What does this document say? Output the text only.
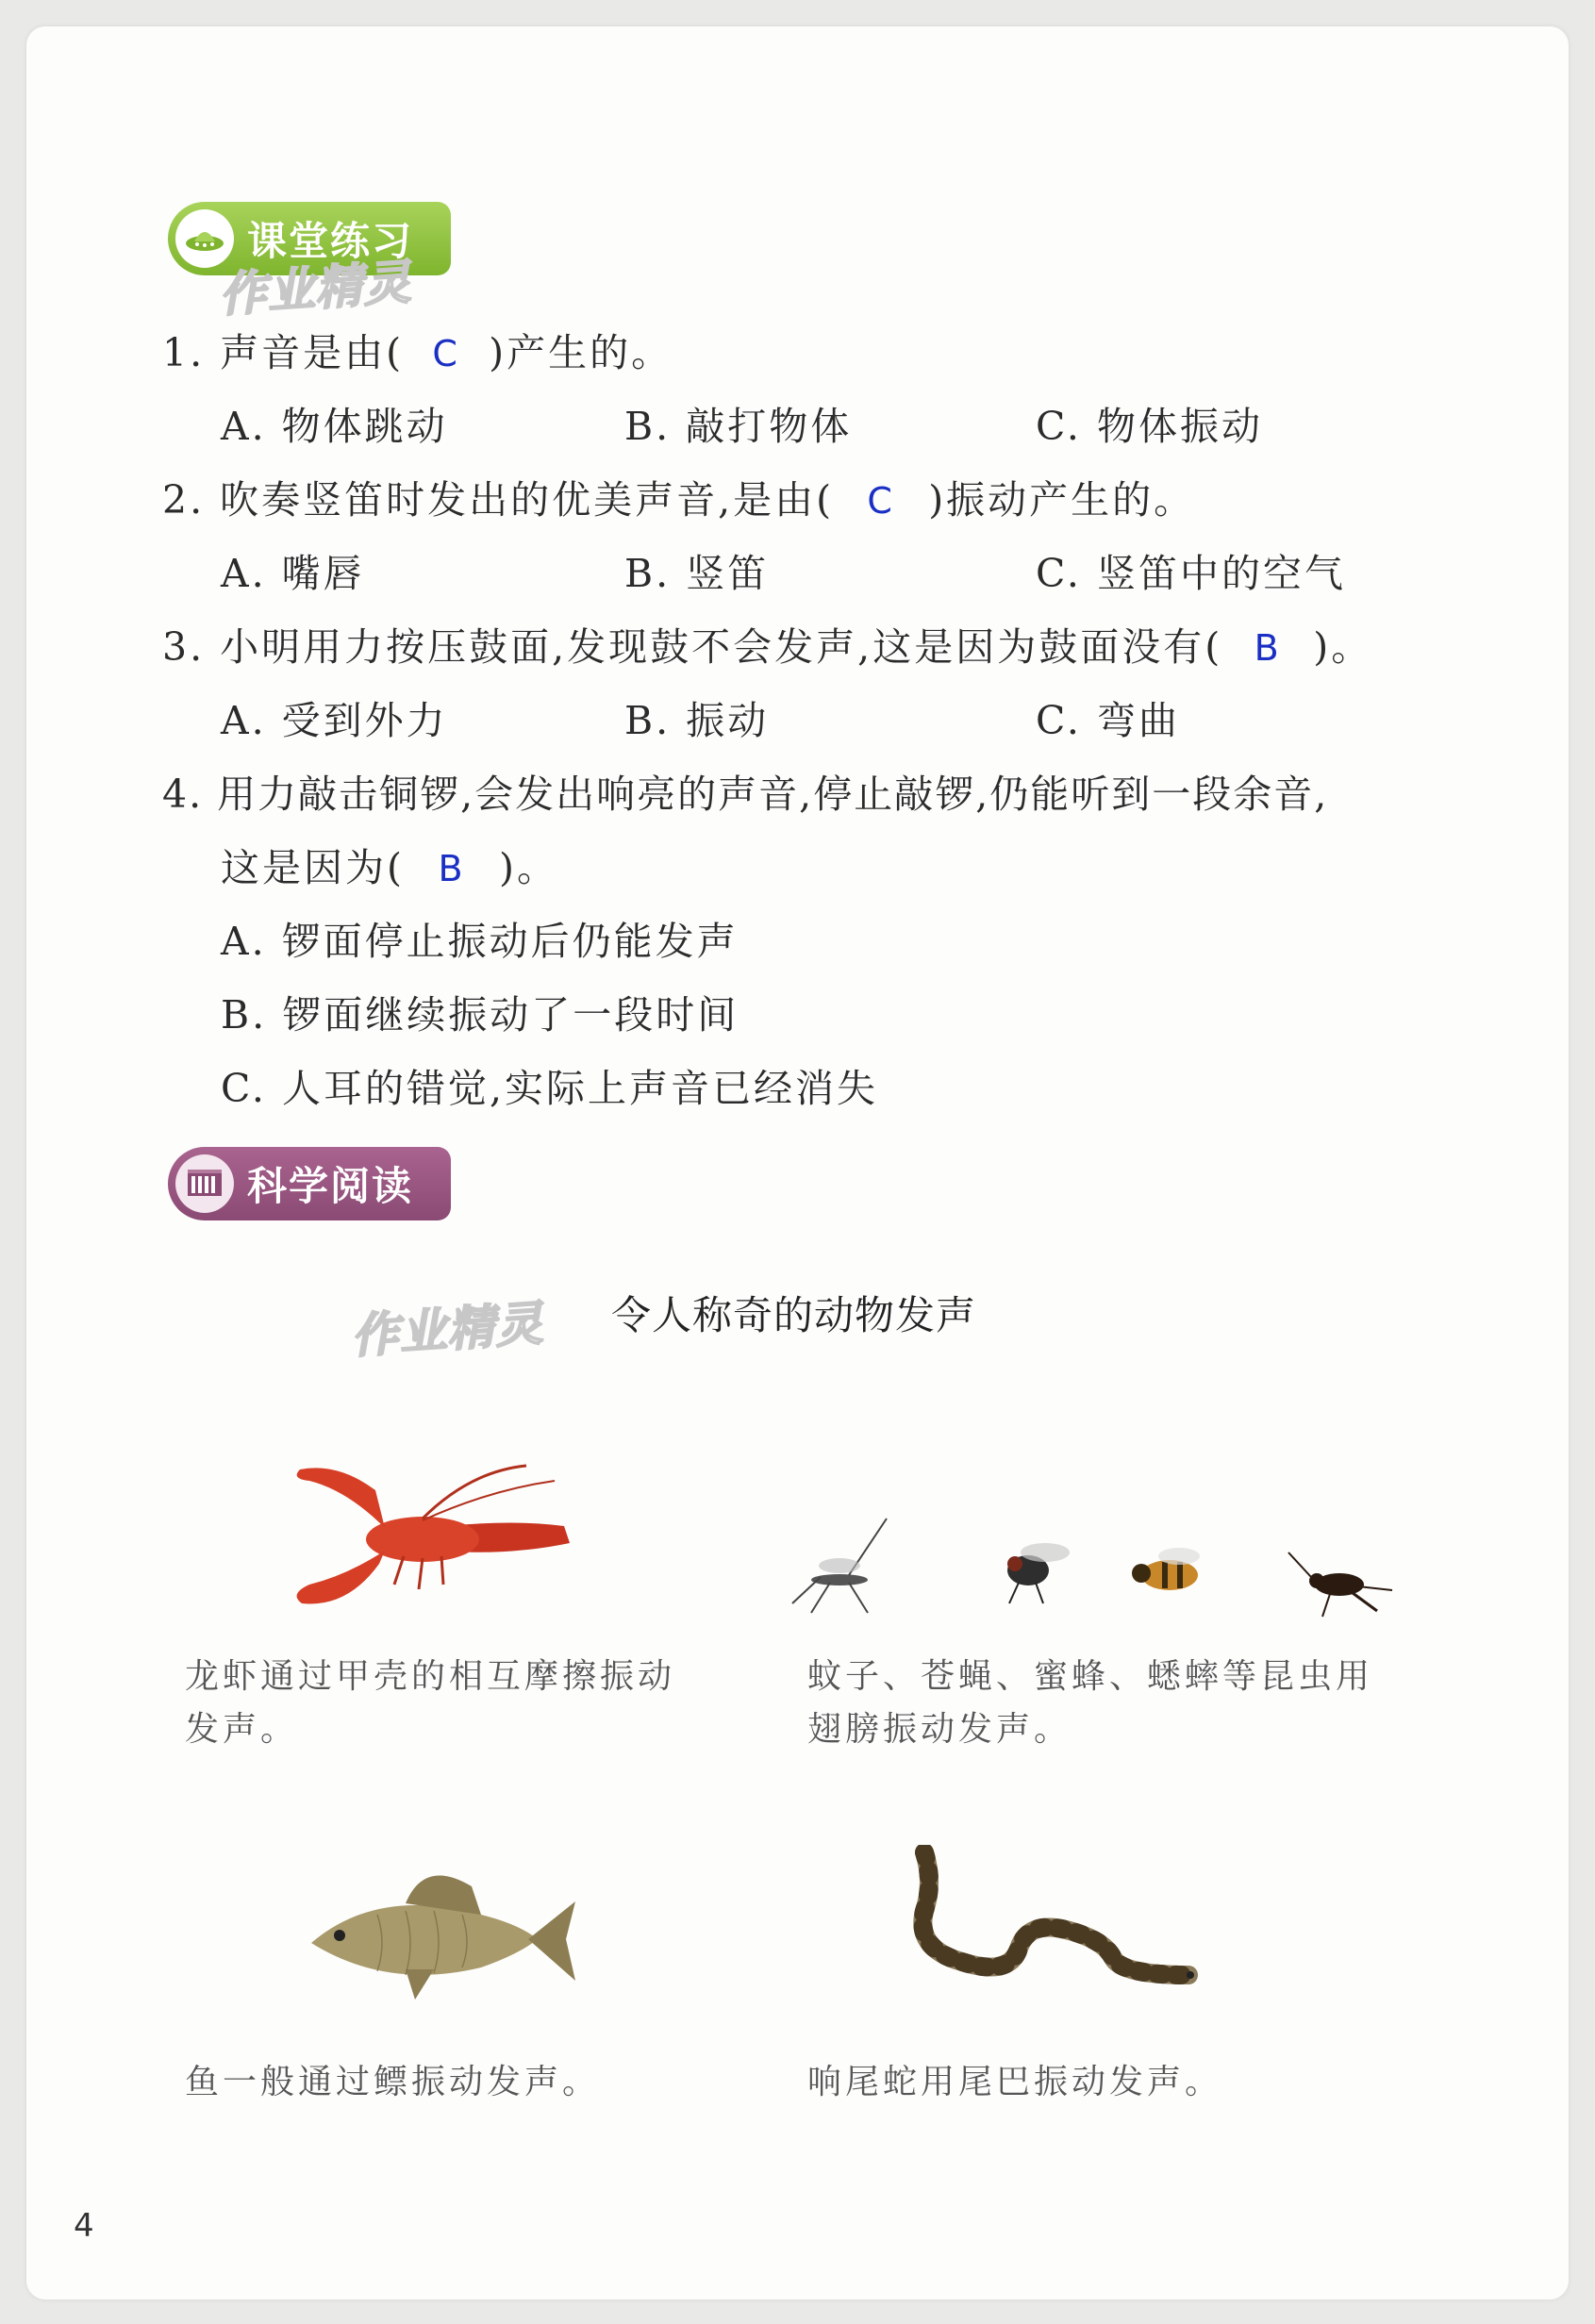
课堂练习
作业精灵
1. 声音是由( C )产生的。
A. 物体跳动	B. 敲打物体	C. 物体振动
2. 吹奏竖笛时发出的优美声音,是由( C )振动产生的。
A. 嘴唇	B. 竖笛	C. 竖笛中的空气
3. 小明用力按压鼓面,发现鼓不会发声,这是因为鼓面没有( B )。
A. 受到外力	B. 振动	C. 弯曲
4. 用力敲击铜锣,会发出响亮的声音,停止敲锣,仍能听到一段余音,
这是因为( B )。
A. 锣面停止振动后仍能发声
B. 锣面继续振动了一段时间
C. 人耳的错觉,实际上声音已经消失
科学阅读
作业精灵 令人称奇的动物发声
龙虾通过甲壳的相互摩擦振动
发声。
蚊子、苍蝇、蜜蜂、蟋蟀等昆虫用
翅膀振动发声。
鱼一般通过鳔振动发声。	响尾蛇用尾巴振动发声。
4
